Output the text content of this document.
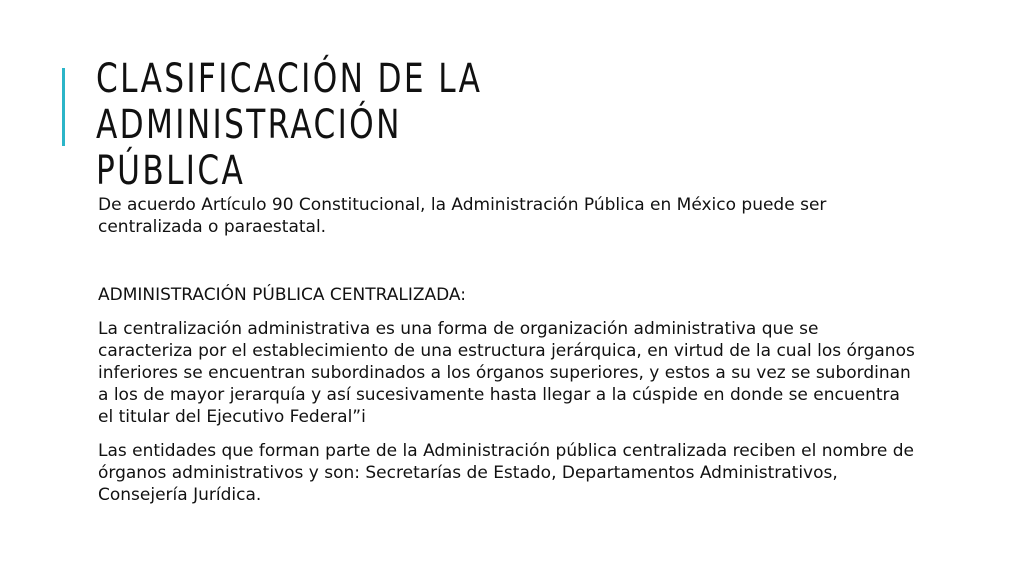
CLASIFICACIÓN DE LA ADMINISTRACIÓN
PÚBLICA

De acuerdo Artículo 90 Constitucional, la Administración Pública en México puede ser centralizada o paraestatal.

ADMINISTRACIÓN PÚBLICA CENTRALIZADA:

La centralización administrativa es una forma de organización administrativa que se caracteriza por el establecimiento de una estructura jerárquica, en virtud de la cual los órganos inferiores se encuentran subordinados a los órganos superiores, y estos a su vez se subordinan a los de mayor jerarquía y así sucesivamente hasta llegar a la cúspide en donde se encuentra el titular del Ejecutivo Federal”i

Las entidades que forman parte de la Administración pública centralizada reciben el nombre de órganos administrativos y son: Secretarías de Estado, Departamentos Administrativos, Consejería Jurídica.
